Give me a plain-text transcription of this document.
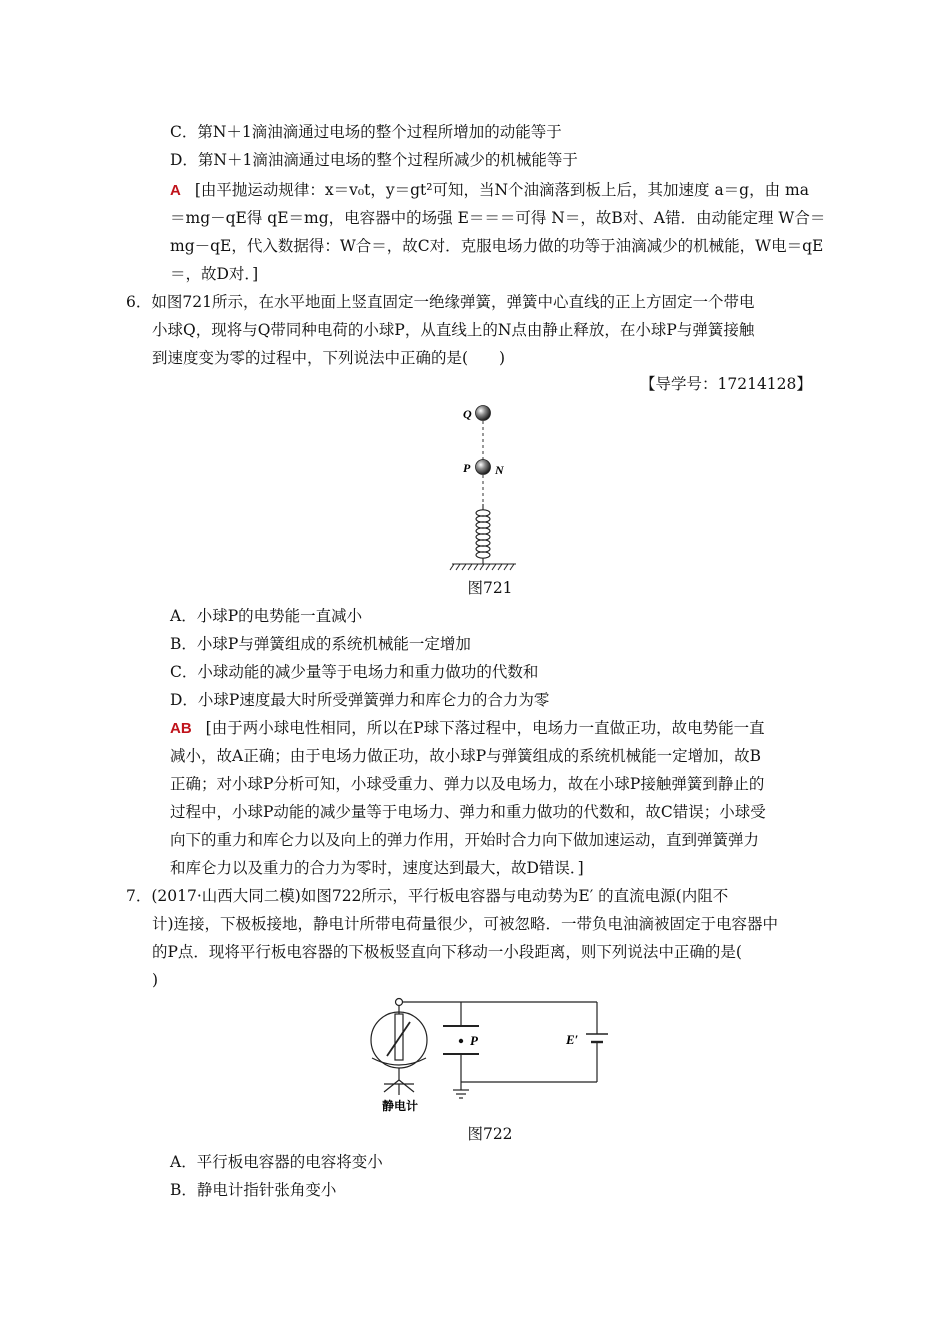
C．第N＋1滴油滴通过电场的整个过程所增加的动能等于
D．第N＋1滴油滴通过电场的整个过程所减少的机械能等于
A [由平抛运动规律：x＝v₀t，y＝gt²可知，当N个油滴落到板上后，其加速度 a＝g，由 ma
＝mg－qE得 qE＝mg，电容器中的场强 E＝＝＝可得 N＝，故B对、A错．由动能定理 W合＝
mg－qE，代入数据得：W合＝，故C对．克服电场力做的功等于油滴减少的机械能，W电＝qE
＝，故D对．]
6．如图721所示，在水平地面上竖直固定一绝缘弹簧，弹簧中心直线的正上方固定一个带电
小球Q，现将与Q带同种电荷的小球P，从直线上的N点由静止释放，在小球P与弹簧接触
到速度变为零的过程中，下列说法中正确的是(　　)
【导学号：17214128】
Q
P N
图721
A．小球P的电势能一直减小
B．小球P与弹簧组成的系统机械能一定增加
C．小球动能的减少量等于电场力和重力做功的代数和
D．小球P速度最大时所受弹簧弹力和库仑力的合力为零
AB [由于两小球电性相同，所以在P球下落过程中，电场力一直做正功，故电势能一直
减小，故A正确；由于电场力做正功，故小球P与弹簧组成的系统机械能一定增加，故B
正确；对小球P分析可知，小球受重力、弹力以及电场力，故在小球P接触弹簧到静止的
过程中，小球P动能的减少量等于电场力、弹力和重力做功的代数和，故C错误；小球受
向下的重力和库仑力以及向上的弹力作用，开始时合力向下做加速运动，直到弹簧弹力
和库仑力以及重力的合力为零时，速度达到最大，故D错误．]
7．(2017·山西大同二模)如图722所示，平行板电容器与电动势为E′ 的直流电源(内阻不
计)连接，下极板接地，静电计所带电荷量很少，可被忽略．一带负电油滴被固定于电容器中
的P点．现将平行板电容器的下极板竖直向下移动一小段距离，则下列说法中正确的是(
)
P	E′
静电计
图722
A．平行板电容器的电容将变小
B．静电计指针张角变小
